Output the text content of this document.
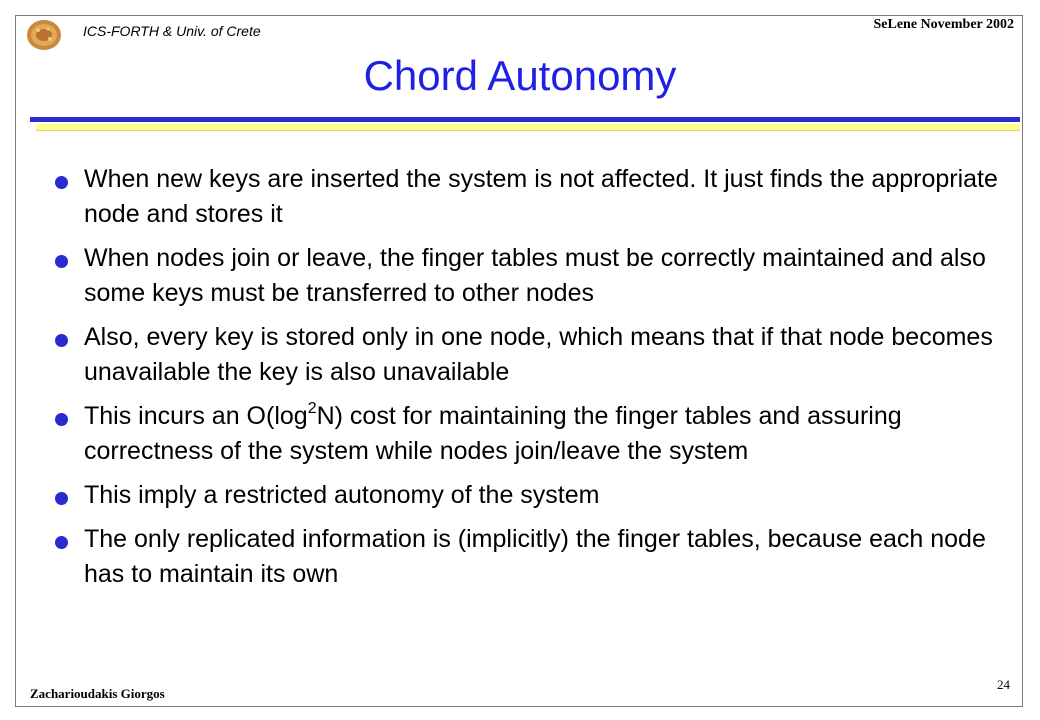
ICS-FORTH & Univ. of Crete	SeLene November 2002
Chord Autonomy
When new keys are inserted the system is not affected. It just finds the appropriate node and stores it
When nodes join or leave, the finger tables must be correctly maintained and also some keys must be transferred to other nodes
Also, every key is stored only in one node, which means that if that node becomes unavailable the key is also unavailable
This incurs an $O(\log^2N)$ cost for maintaining the finger tables and assuring correctness of the system while nodes join/leave the system
This imply a restricted autonomy of the system
The only replicated information is (implicitly) the finger tables, because each node has to maintain its own
Zacharioudakis Giorgos
24
